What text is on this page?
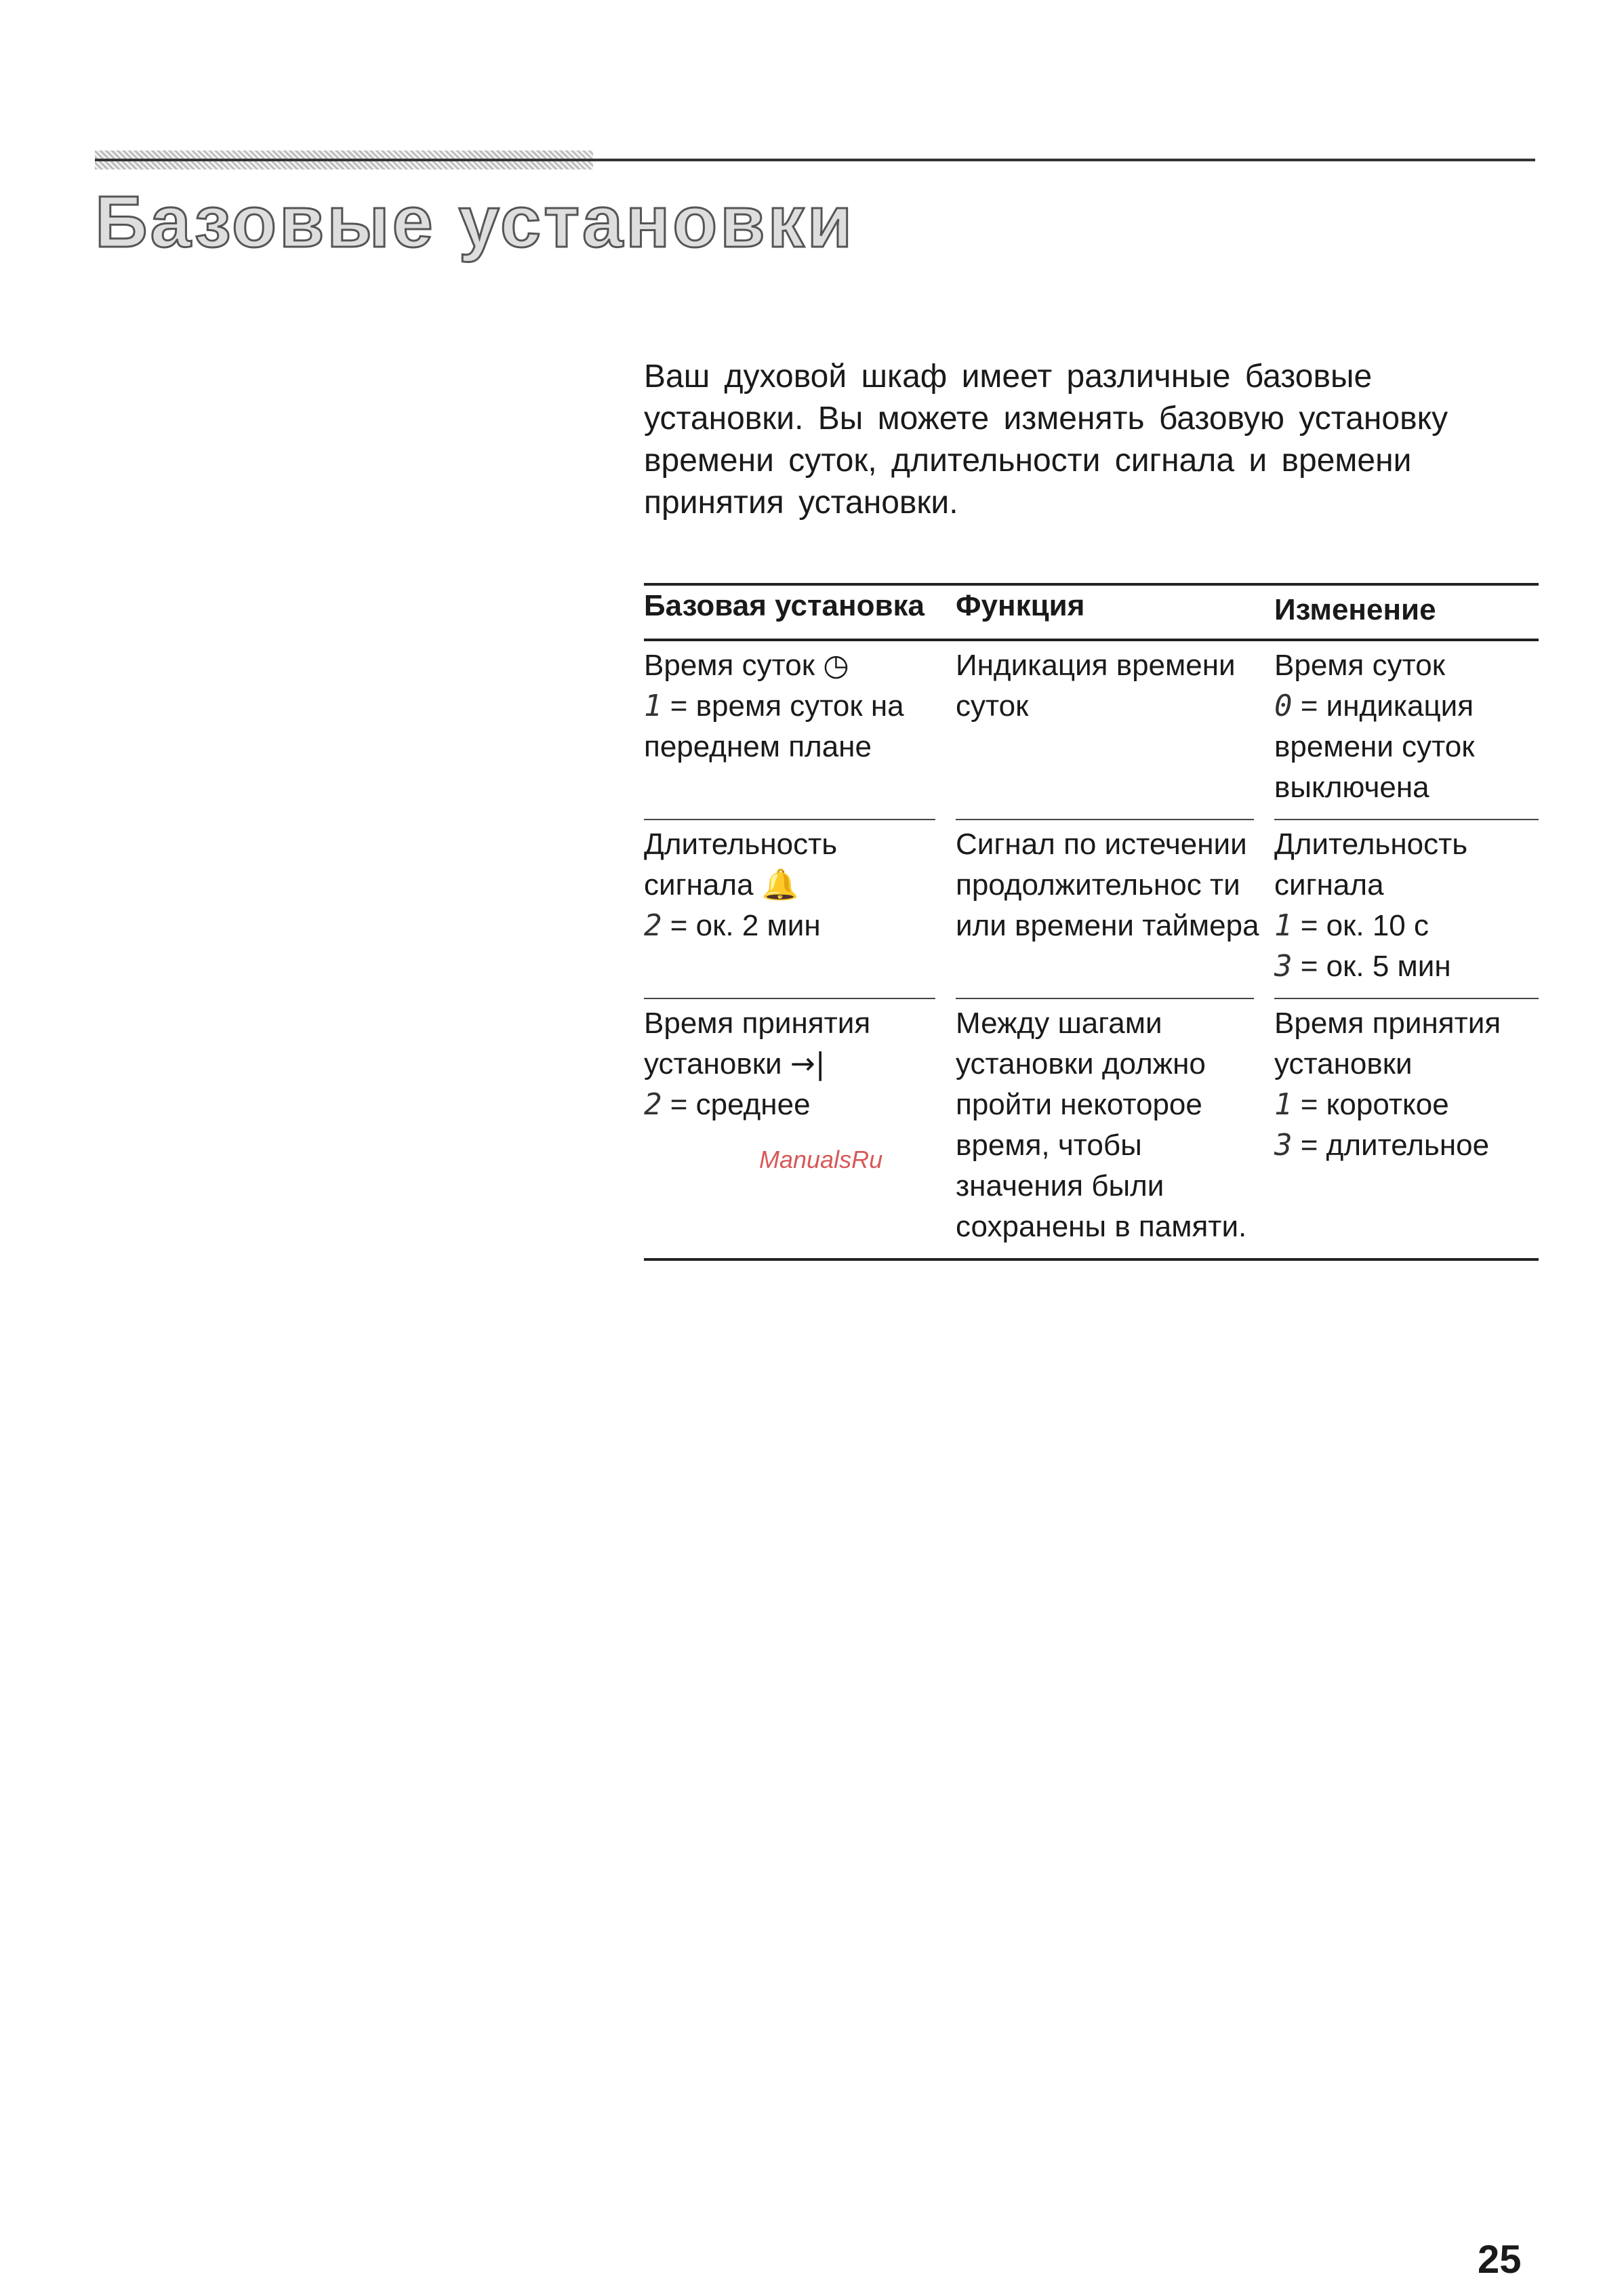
Базовые установки

Ваш духовой шкаф имеет различные базовые установки. Вы можете изменять базовую установку времени суток, длительности сигнала и времени принятия установки.

Базовая установка	Функция	Изменение
Время суток ◷
1 = время суток на переднем плане
Индикация времени суток
Время суток
0 = индикация времени суток выключена
Длительность сигнала 🔔
2 = ок. 2 мин
Сигнал по истечении продолжительнос ти или времени таймера
Длительность сигнала
1 = ок. 10 с
3 = ок. 5 мин
Время принятия установки →|
2 = среднее
Между шагами установки должно пройти некоторое время, чтобы значения были сохранены в памяти.
Время принятия установки
1 = короткое
3 = длительное
ManualsRu
25
